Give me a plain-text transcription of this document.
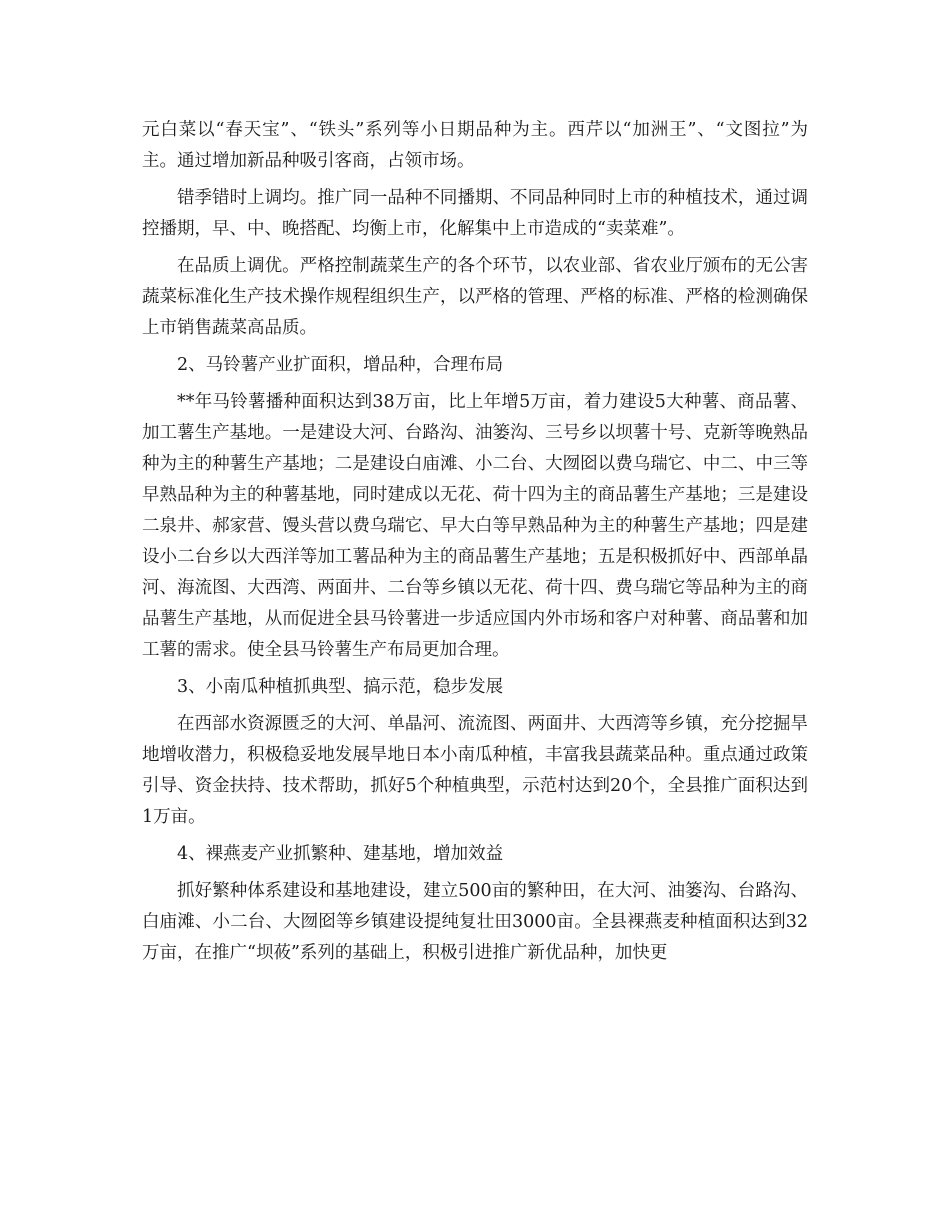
元白菜以“春天宝”、“铁头”系列等小日期品种为主。西芹以“加洲王”、“文图拉”为主。通过增加新品种吸引客商，占领市场。

错季错时上调均。推广同一品种不同播期、不同品种同时上市的种植技术，通过调控播期，早、中、晚搭配、均衡上市，化解集中上市造成的“卖菜难”。

在品质上调优。严格控制蔬菜生产的各个环节，以农业部、省农业厅颁布的无公害蔬菜标准化生产技术操作规程组织生产，以严格的管理、严格的标准、严格的检测确保上市销售蔬菜高品质。

2、马铃薯产业扩面积，增品种，合理布局

**年马铃薯播种面积达到38万亩，比上年增5万亩，着力建设5大种薯、商品薯、加工薯生产基地。一是建设大河、台路沟、油篓沟、三号乡以坝薯十号、克新等晚熟品种为主的种薯生产基地；二是建设白庙滩、小二台、大囫囵以费乌瑞它、中二、中三等早熟品种为主的种薯基地，同时建成以无花、荷十四为主的商品薯生产基地；三是建设二泉井、郝家营、馒头营以费乌瑞它、早大白等早熟品种为主的种薯生产基地；四是建设小二台乡以大西洋等加工薯品种为主的商品薯生产基地；五是积极抓好中、西部单晶河、海流图、大西湾、两面井、二台等乡镇以无花、荷十四、费乌瑞它等品种为主的商品薯生产基地，从而促进全县马铃薯进一步适应国内外市场和客户对种薯、商品薯和加工薯的需求。使全县马铃薯生产布局更加合理。

3、小南瓜种植抓典型、搞示范，稳步发展

在西部水资源匮乏的大河、单晶河、流流图、两面井、大西湾等乡镇，充分挖掘旱地增收潜力，积极稳妥地发展旱地日本小南瓜种植，丰富我县蔬菜品种。重点通过政策引导、资金扶持、技术帮助，抓好5个种植典型，示范村达到20个，全县推广面积达到1万亩。

4、裸燕麦产业抓繁种、建基地，增加效益

抓好繁种体系建设和基地建设，建立500亩的繁种田，在大河、油篓沟、台路沟、白庙滩、小二台、大囫囵等乡镇建设提纯复壮田3000亩。全县裸燕麦种植面积达到32万亩，在推广“坝莜”系列的基础上，积极引进推广新优品种，加快更
